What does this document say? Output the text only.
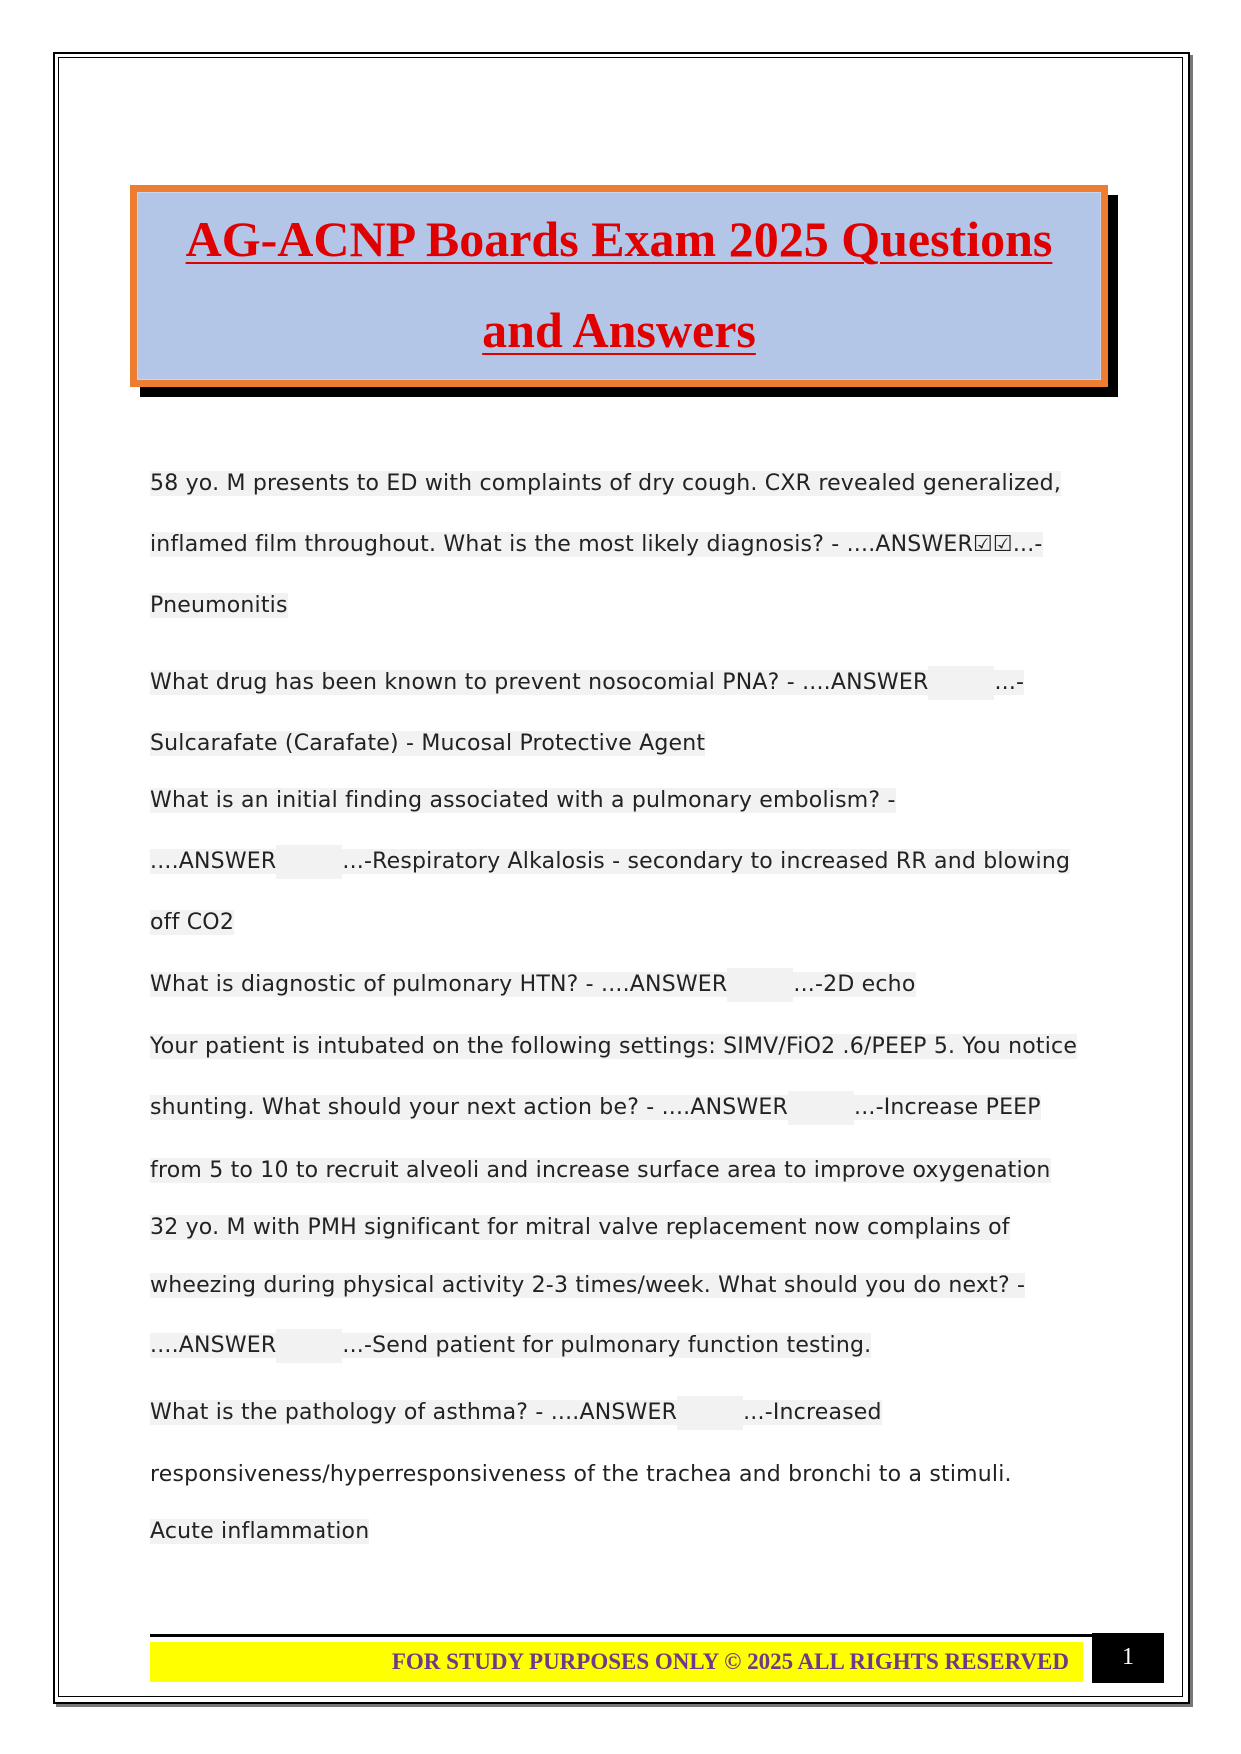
AG-ACNP Boards Exam 2025 Questions
and Answers
58 yo. M presents to ED with complaints of dry cough. CXR revealed generalized,
inflamed film throughout. What is the most likely diagnosis? - ....ANSWER☑☑...-
Pneumonitis
What drug has been known to prevent nosocomial PNA? - ....ANSWER	...-
Sulcarafate (Carafate) - Mucosal Protective Agent
What is an initial finding associated with a pulmonary embolism? -
....ANSWER	...-Respiratory Alkalosis - secondary to increased RR and blowing
off CO2
What is diagnostic of pulmonary HTN? - ....ANSWER	...-2D echo
Your patient is intubated on the following settings: SIMV/FiO2 .6/PEEP 5. You notice
shunting. What should your next action be? - ....ANSWER	...-Increase PEEP
from 5 to 10 to recruit alveoli and increase surface area to improve oxygenation
32 yo. M with PMH significant for mitral valve replacement now complains of
wheezing during physical activity 2-3 times/week. What should you do next? -
....ANSWER	...-Send patient for pulmonary function testing.
What is the pathology of asthma? - ....ANSWER	...-Increased
responsiveness/hyperresponsiveness of the trachea and bronchi to a stimuli.
Acute inflammation
FOR STUDY PURPOSES ONLY © 2025 ALL RIGHTS RESERVED	1
